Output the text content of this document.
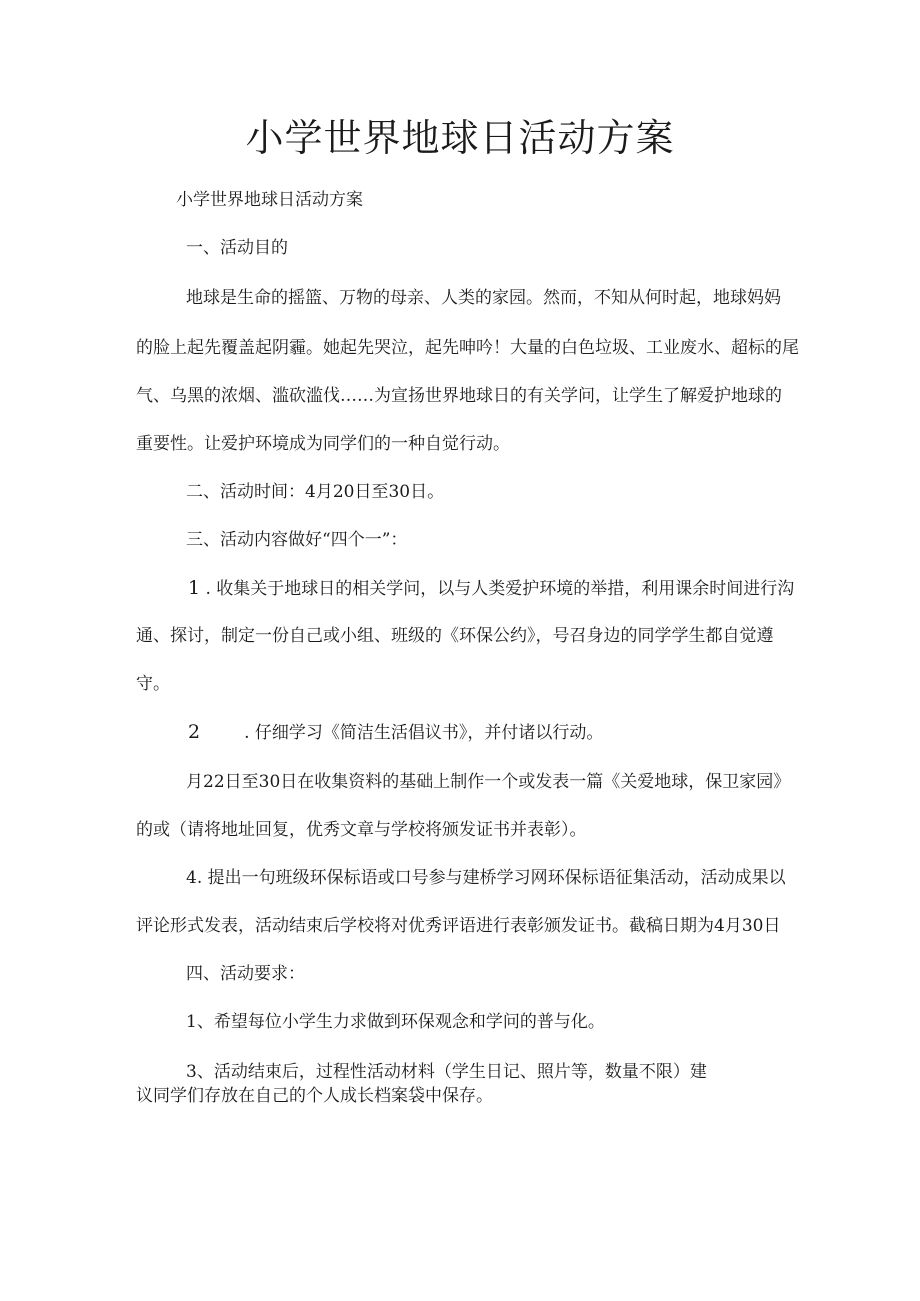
小学世界地球日活动方案
小学世界地球日活动方案
一、活动目的
地球是生命的摇篮、万物的母亲、人类的家园。然而，不知从何时起，地球妈妈
的脸上起先覆盖起阴霾。她起先哭泣，起先呻吟！大量的白色垃圾、工业废水、超标的尾
气、乌黑的浓烟、滥砍滥伐……为宣扬世界地球日的有关学问，让学生了解爱护地球的
重要性。让爱护环境成为同学们的一种自觉行动。
二、活动时间：4月20日至30日。
三、活动内容做好“四个一”：
1 . 收集关于地球日的相关学问，以与人类爱护环境的举措，利用课余时间进行沟
通、探讨，制定一份自己或小组、班级的《环保公约》，号召身边的同学学生都自觉遵
守。
2	. 仔细学习《简洁生活倡议书》，并付诸以行动。
月22日至30日在收集资料的基础上制作一个或发表一篇《关爱地球，保卫家园》
的或（请将地址回复，优秀文章与学校将颁发证书并表彰）。
4. 提出一句班级环保标语或口号参与建桥学习网环保标语征集活动，活动成果以
评论形式发表，活动结束后学校将对优秀评语进行表彰颁发证书。截稿日期为4月30日
四、活动要求：
1、希望每位小学生力求做到环保观念和学问的普与化。
3、活动结束后，过程性活动材料（学生日记、照片等，数量不限）建
议同学们存放在自己的个人成长档案袋中保存。
